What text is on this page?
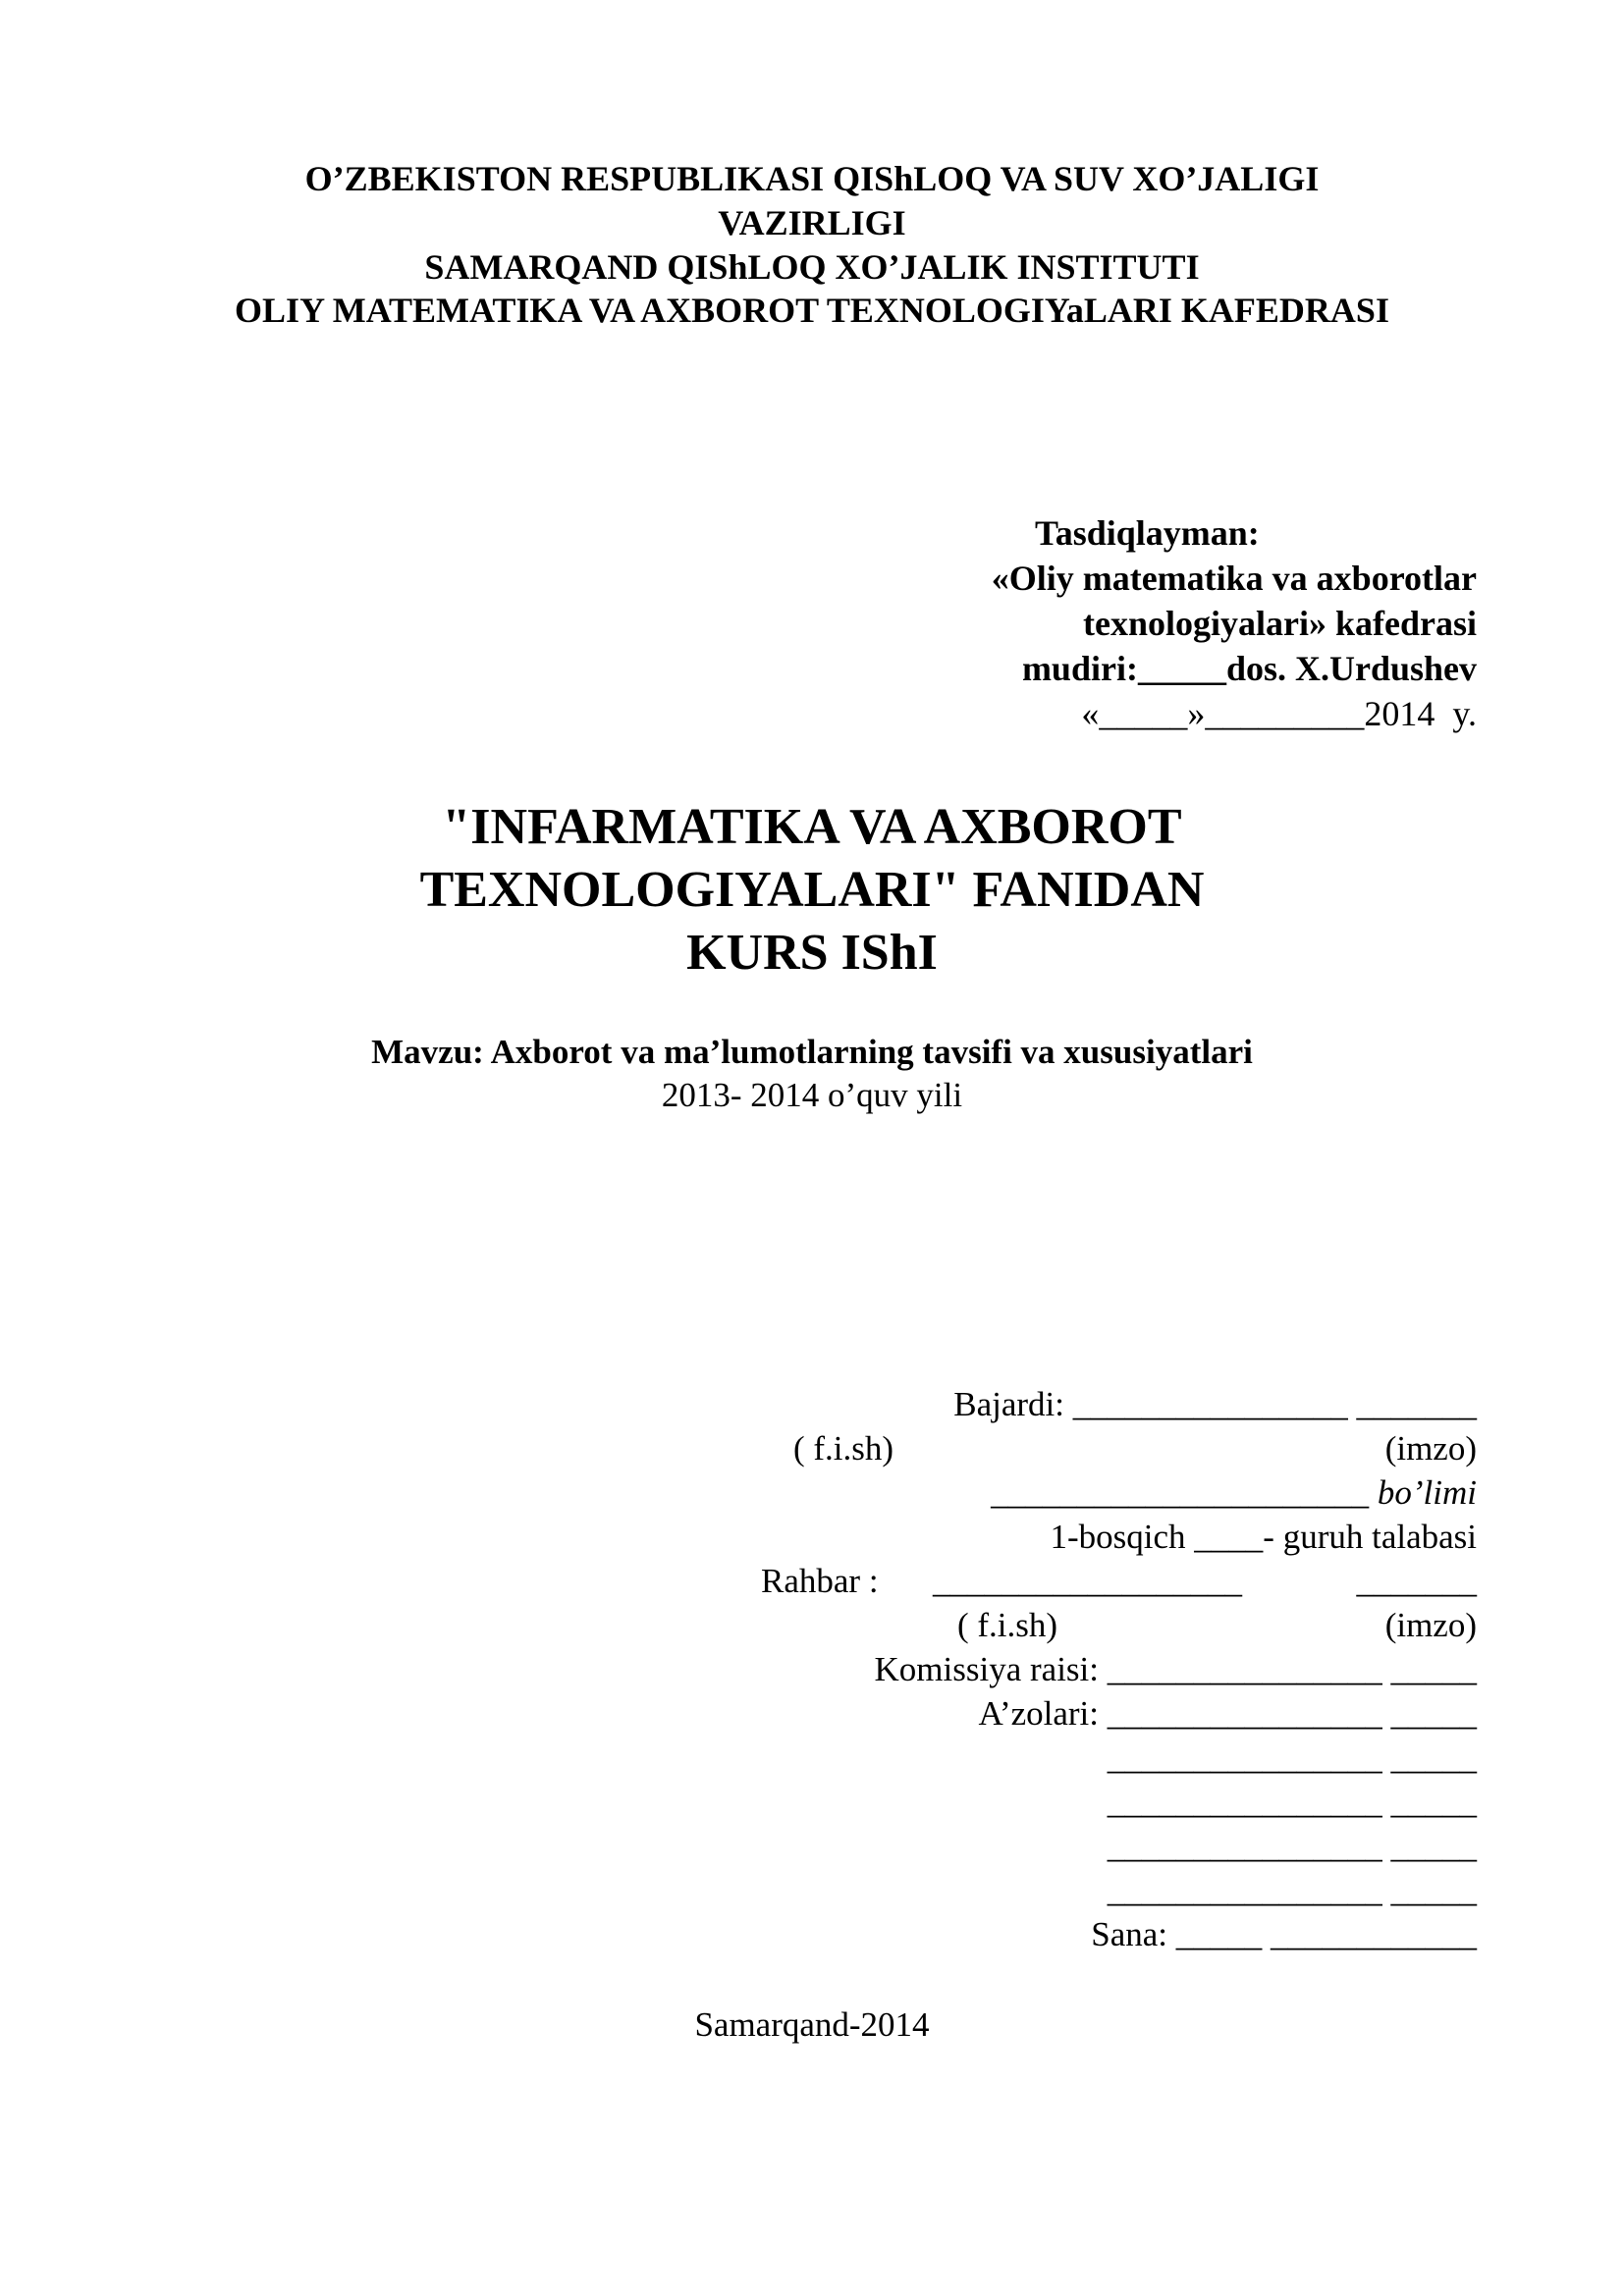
O’ZBEKISTON RESPUBLIKASI QIShLOQ VA SUV XO’JALIGI
VAZIRLIGI
SAMARQAND QIShLOQ XO’JALIK INSTITUTI
OLIY MATEMATIKA VA AXBOROT TEXNOLOGIYaLARI KAFEDRASI
Tasdiqlayman:
«Oliy matematika va axborotlar
texnologiyalari» kafedrasi
mudiri:_____dos. X.Urdushev
«_____»_________2014  y.
"INFARMATIKA VA AXBOROT
TEXNOLOGIYALARI" FANIDAN
KURS IShI
Mavzu: Axborot va ma’lumotlarning tavsifi va xususiyatlari
2013- 2014 o’quv yili
Bajardi: ________________ _______
( f.i.sh)	(imzo)
______________________ bo’limi
1-bosqich ____- guruh talabasi
Rahbar : __________________	_______
( f.i.sh)	(imzo)
Komissiya raisi: ________________ _____
A’zolari: ________________ _____
________________ _____
________________ _____
________________ _____
________________ _____
Sana: _____ ____________
Samarqand-2014
